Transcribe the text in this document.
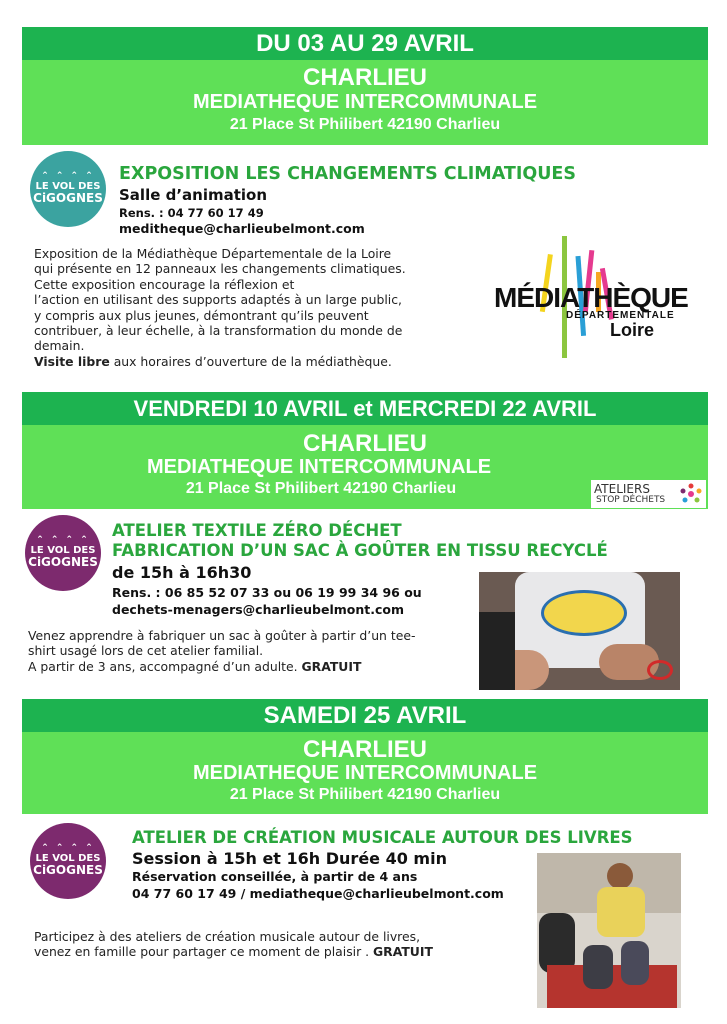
DU 03 AU 29 AVRIL
CHARLIEU
MEDIATHEQUE INTERCOMMUNALE
21 Place St Philibert 42190 Charlieu
⌃ ⌃ ⌃ ⌃
LE VOL DES
CiGOGNES
EXPOSITION LES CHANGEMENTS CLIMATIQUES
Salle d’animation
Rens. : 04 77 60 17 49
meditheque@charlieubelmont.com
Exposition de la Médiathèque Départementale de la Loire
qui présente en 12 panneaux les changements climatiques.
Cette exposition encourage la réflexion et
l’action en utilisant des supports adaptés à un large public,
y compris aux plus jeunes, démontrant qu’ils peuvent
contribuer, à leur échelle, à la transformation du monde de
demain.
Visite libre aux horaires d’ouverture de la médiathèque.
MÉDIATHÈQUE
DÉPARTEMENTALE
Loire
VENDREDI 10 AVRIL et MERCREDI 22 AVRIL
CHARLIEU
MEDIATHEQUE INTERCOMMUNALE
21 Place St Philibert 42190 Charlieu	ATELIERS
STOP DÉCHETS
⌃ ⌃ ⌃ ⌃
LE VOL DES
CiGOGNES
ATELIER TEXTILE ZÉRO DÉCHET
FABRICATION D’UN SAC À GOÛTER EN TISSU RECYCLÉ
de 15h à 16h30
Rens. : 06 85 52 07 33 ou 06 19 99 34 96 ou
dechets-menagers@charlieubelmont.com
Venez apprendre à fabriquer un sac à goûter à partir d’un tee-
shirt usagé lors de cet atelier familial.
A partir de 3 ans, accompagné d’un adulte. GRATUIT
SAMEDI 25 AVRIL
CHARLIEU
MEDIATHEQUE INTERCOMMUNALE
21 Place St Philibert 42190 Charlieu
⌃ ⌃ ⌃ ⌃
LE VOL DES
CiGOGNES
ATELIER DE CRÉATION MUSICALE AUTOUR DES LIVRES
Session à 15h et 16h Durée 40 min
Réservation conseillée, à partir de 4 ans
04 77 60 17 49 / mediatheque@charlieubelmont.com
Participez à des ateliers de création musicale autour de livres,
venez en famille pour partager ce moment de plaisir . GRATUIT
